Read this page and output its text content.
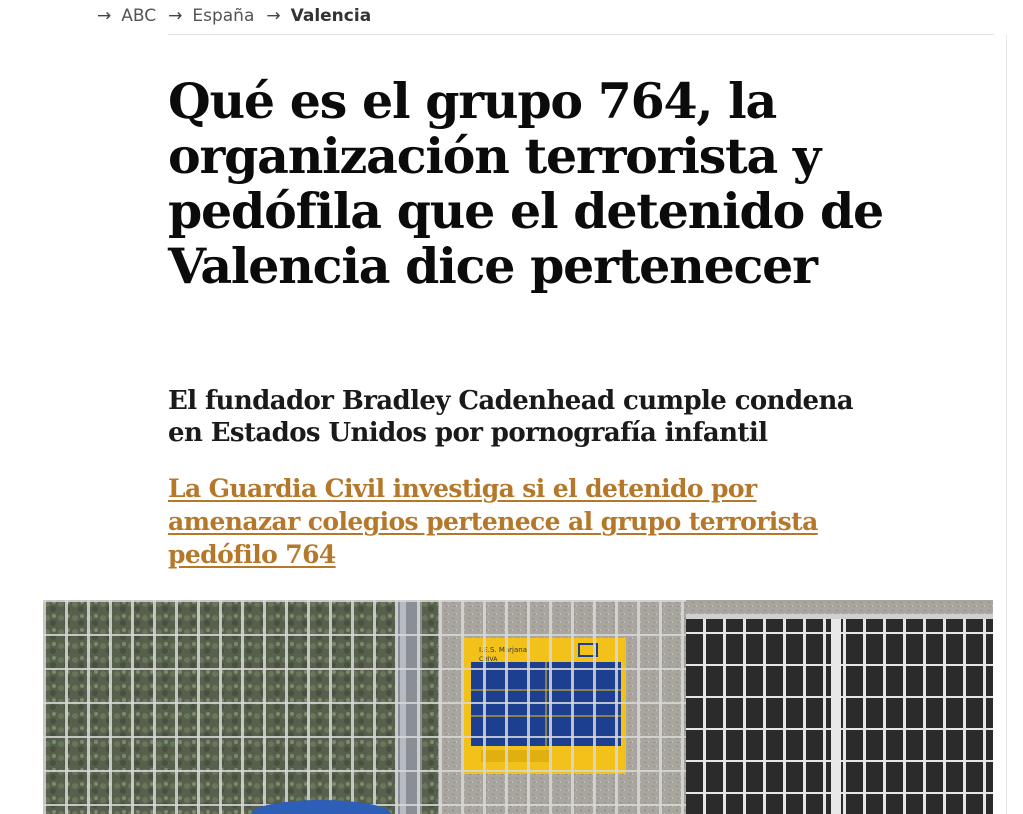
→ ABC → España → Valencia
Qué es el grupo 764, la organización terrorista y pedófila que el detenido de Valencia dice pertenecer
El fundador Bradley Cadenhead cumple condena en Estados Unidos por pornografía infantil
La Guardia Civil investiga si el detenido por amenazar colegios pertenece al grupo terrorista pedófilo 764
